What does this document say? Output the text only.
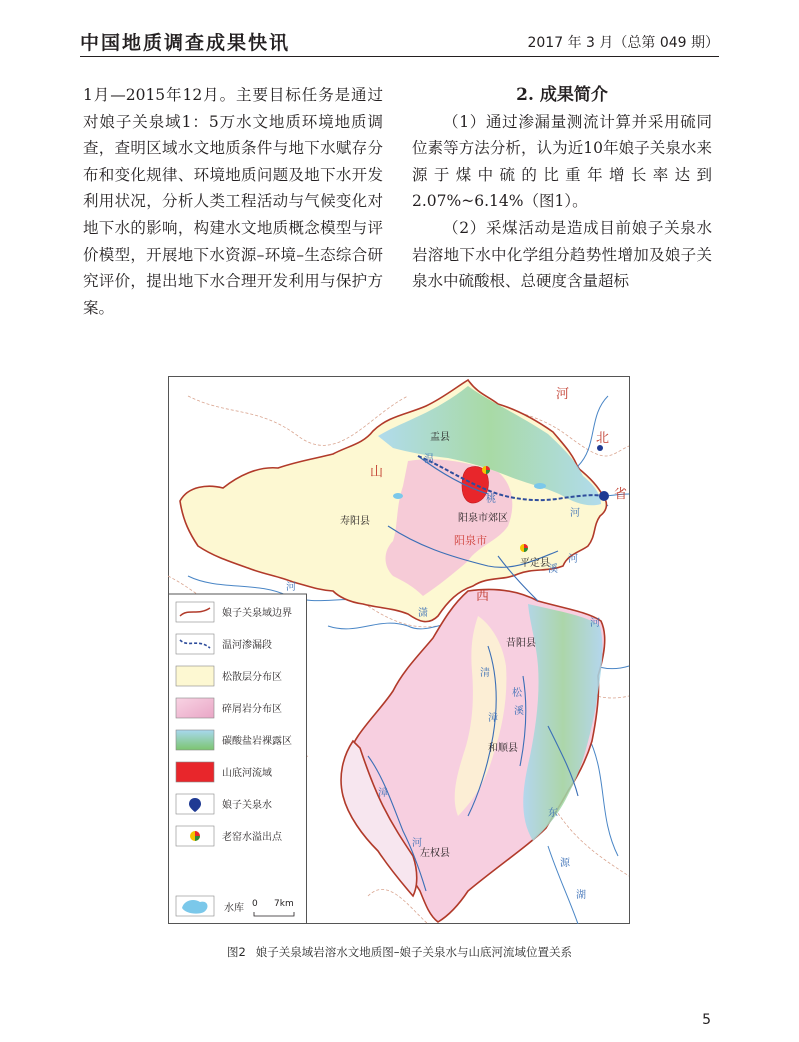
中国地质调查成果快讯	2017 年 3 月（总第 049 期）

1月—2015年12月。主要目标任务是通过对娘子关泉域1：5万水文地质环境地质调查，查明区域水文地质条件与地下水赋存分布和变化规律、环境地质问题及地下水开发利用状况，分析人类工程活动与气候变化对地下水的影响，构建水文地质概念模型与评价模型，开展地下水资源–环境–生态综合研究评价，提出地下水合理开发利用与保护方案。

2. 成果简介

（1）通过渗漏量测流计算并采用硫同位素等方法分析，认为近10年娘子关泉水来源于煤中硫的比重年增长率达到2.07%~6.14%（图1）。

（2）采煤活动是造成目前娘子关泉水岩溶地下水中化学组分趋势性增加及娘子关泉水中硫酸根、总硬度含量超标

盂县
寿阳县	阳泉市郊区
阳泉市
平定县
昔阳县
和顺县
左权县
山
西
河
北
省
温
桃
河
溪
河
潇
河
清
漳
松
溪
河
漳
河
东
源
湖
娘子关泉域边界
温河渗漏段
松散层分布区
碎屑岩分布区
碳酸盐岩裸露区
山底河流域
娘子关泉水
老窑水溢出点
水库 0 7km
图2 娘子关泉域岩溶水文地质图–娘子关泉水与山底河流域位置关系
5
